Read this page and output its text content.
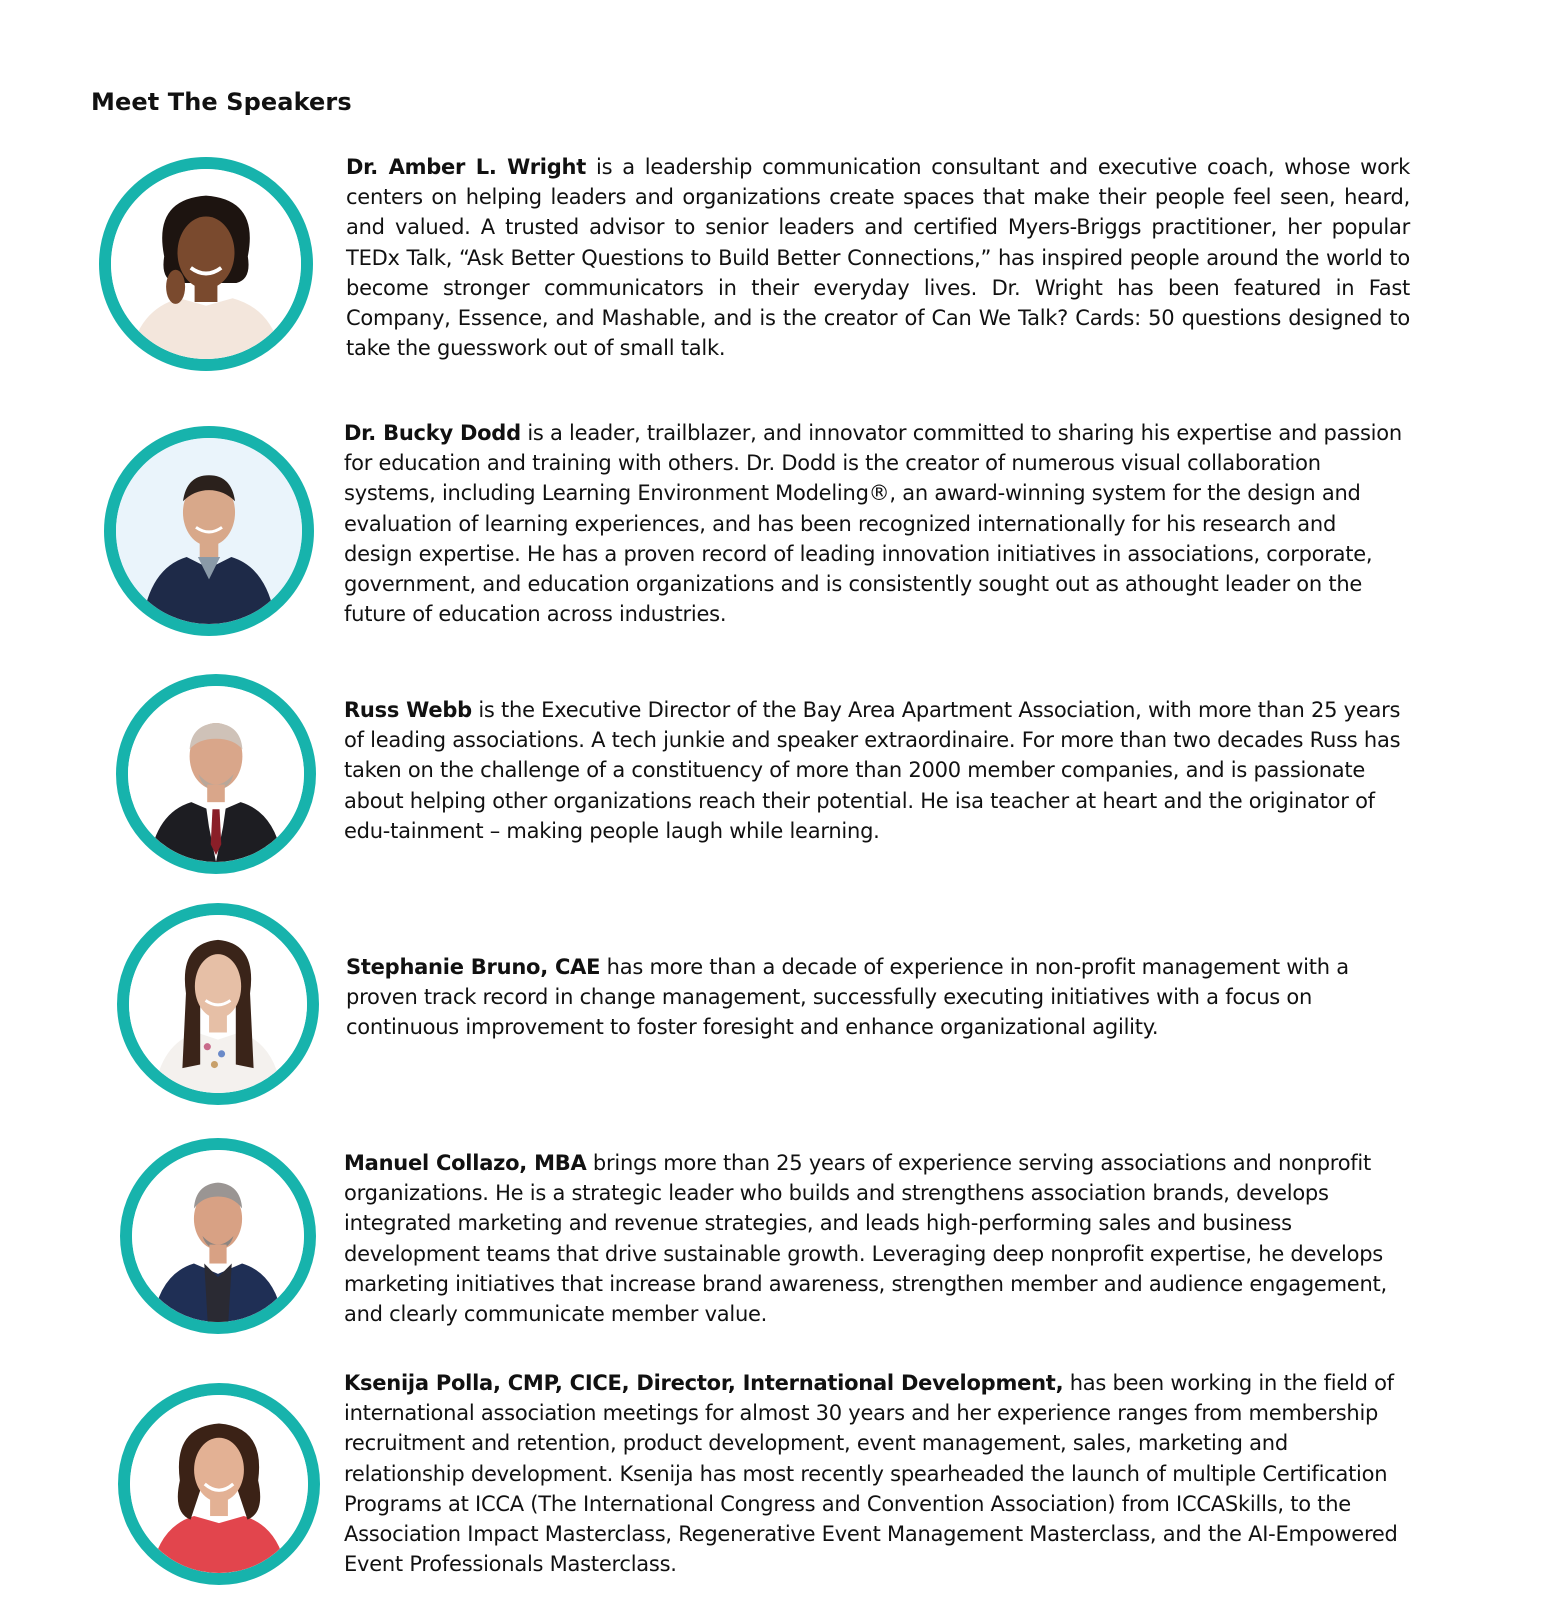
Meet The Speakers

Dr. Amber L. Wright is a leadership communication consultant and executive coach, whose work centers on helping leaders and organizations create spaces that make their people feel seen, heard, and valued. A trusted advisor to senior leaders and certified Myers-Briggs practitioner, her popular TEDx Talk, “Ask Better Questions to Build Better Connections,” has inspired people around the world to become stronger communicators in their everyday lives. Dr. Wright has been featured in Fast Company, Essence, and Mashable, and is the creator of Can We Talk? Cards: 50 questions designed to take the guesswork out of small talk.

Dr. Bucky Dodd is a leader, trailblazer, and innovator committed to sharing his expertise and passion for education and training with others. Dr. Dodd is the creator of numerous visual collaboration systems, including Learning Environment Modeling®, an award-winning system for the design and evaluation of learning experiences, and has been recognized internationally for his research and design expertise. He has a proven record of leading innovation initiatives in associations, corporate, government, and education organizations and is consistently sought out as athought leader on the future of education across industries.

Russ Webb is the Executive Director of the Bay Area Apartment Association, with more than 25 years of leading associations. A tech junkie and speaker extraordinaire. For more than two decades Russ has taken on the challenge of a constituency of more than 2000 member companies, and is passionate about helping other organizations reach their potential. He isa teacher at heart and the originator of edu-tainment – making people laugh while learning.

Stephanie Bruno, CAE has more than a decade of experience in non-profit management with a proven track record in change management, successfully executing initiatives with a focus on continuous improvement to foster foresight and enhance organizational agility.

Manuel Collazo, MBA brings more than 25 years of experience serving associations and nonprofit organizations. He is a strategic leader who builds and strengthens association brands, develops integrated marketing and revenue strategies, and leads high-performing sales and business development teams that drive sustainable growth. Leveraging deep nonprofit expertise, he develops marketing initiatives that increase brand awareness, strengthen member and audience engagement, and clearly communicate member value.

Ksenija Polla, CMP, CICE, Director, International Development, has been working in the field of international association meetings for almost 30 years and her experience ranges from membership recruitment and retention, product development, event management, sales, marketing and relationship development. Ksenija has most recently spearheaded the launch of multiple Certification Programs at ICCA (The International Congress and Convention Association) from ICCASkills, to the Association Impact Masterclass, Regenerative Event Management Masterclass, and the AI-Empowered Event Professionals Masterclass.
